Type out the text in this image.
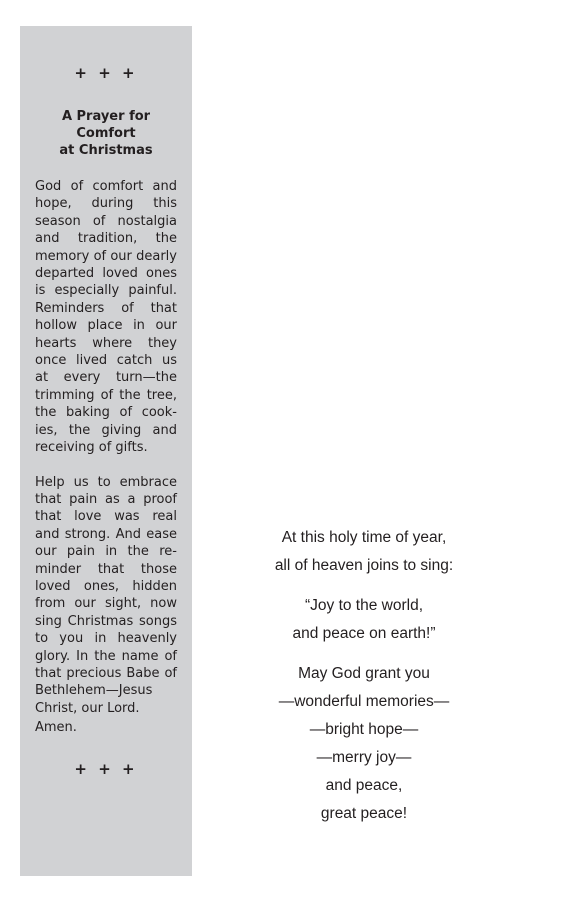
+ + +

A Prayer for
Comfort
at Christmas

God of comfort and hope, during this season of nostalgia and tradition, the memory of our dearly departed loved ones is especially painful. Reminders of that hollow place in our hearts where they once lived catch us at every turn—the trimming of the tree, the baking of cookies, the giving and receiving of gifts.

Help us to embrace that pain as a proof that love was real and strong. And ease our pain in the reminder that those loved ones, hidden from our sight, now sing Christmas songs to you in heavenly glory. In the name of that precious Babe of Bethlehem—Jesus Christ, our Lord.

Amen.

+ + +

At this holy time of year,
all of heaven joins to sing:
“Joy to the world,
and peace on earth!”
May God grant you
—wonderful memories—
—bright hope—
—merry joy—
and peace,
great peace!
